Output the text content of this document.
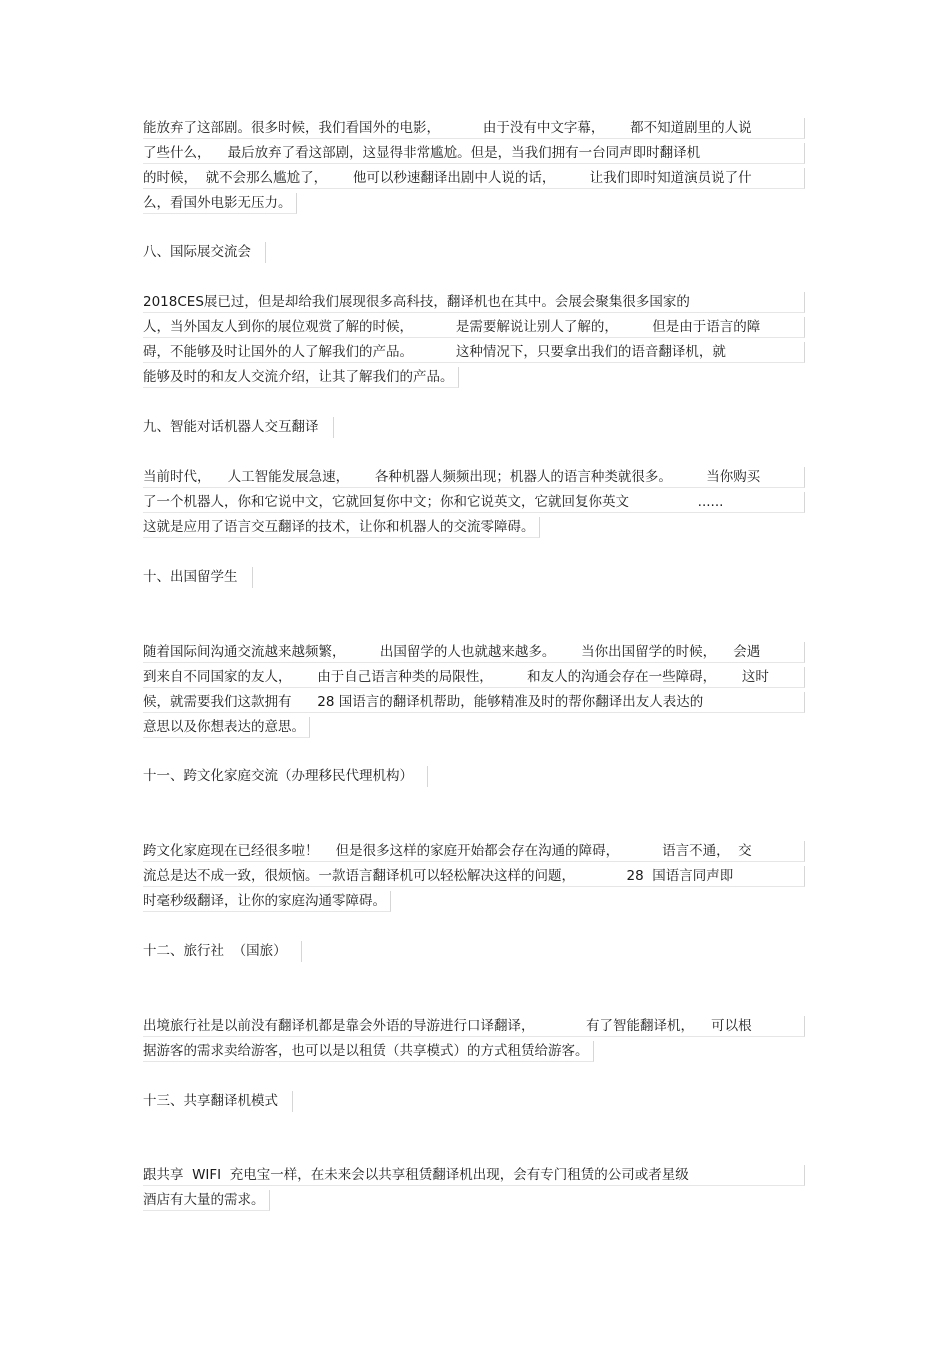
能放弃了这部剧。很多时候，我们看国外的电影，          由于没有中文字幕，      都不知道剧里的人说
了些什么，    最后放弃了看这部剧，这显得非常尴尬。但是，当我们拥有一台同声即时翻译机
的时候，  就不会那么尴尬了，      他可以秒速翻译出剧中人说的话，        让我们即时知道演员说了什
么，看国外电影无压力。
八、国际展交流会
2018CES展已过，但是却给我们展现很多高科技，翻译机也在其中。会展会聚集很多国家的
人，当外国友人到你的展位观赏了解的时候，          是需要解说让别人了解的，        但是由于语言的障
碍，不能够及时让国外的人了解我们的产品。          这种情况下，只要拿出我们的语音翻译机，就
能够及时的和友人交流介绍，让其了解我们的产品。
九、智能对话机器人交互翻译
当前时代，    人工智能发展急速，      各种机器人频频出现；机器人的语言种类就很多。        当你购买
了一个机器人，你和它说中文，它就回复你中文；你和它说英文，它就回复你英文                ......
这就是应用了语言交互翻译的技术，让你和机器人的交流零障碍。
十、出国留学生
随着国际间沟通交流越来越频繁，        出国留学的人也就越来越多。      当你出国留学的时候，    会遇
到来自不同国家的友人，      由于自己语言种类的局限性，        和友人的沟通会存在一些障碍，      这时
候，就需要我们这款拥有      28 国语言的翻译机帮助，能够精准及时的帮你翻译出友人表达的
意思以及你想表达的意思。
十一、跨文化家庭交流（办理移民代理机构）
跨文化家庭现在已经很多啦！    但是很多这样的家庭开始都会存在沟通的障碍，          语言不通，  交
流总是达不成一致，很烦恼。一款语言翻译机可以轻松解决这样的问题，            28  国语言同声即
时毫秒级翻译，让你的家庭沟通零障碍。
十二、旅行社  （国旅）
出境旅行社是以前没有翻译机都是靠会外语的导游进行口译翻译，            有了智能翻译机，    可以根
据游客的需求卖给游客，也可以是以租赁（共享模式）的方式租赁给游客。
十三、共享翻译机模式
跟共享  WIFI  充电宝一样，在未来会以共享租赁翻译机出现，会有专门租赁的公司或者星级
酒店有大量的需求。
